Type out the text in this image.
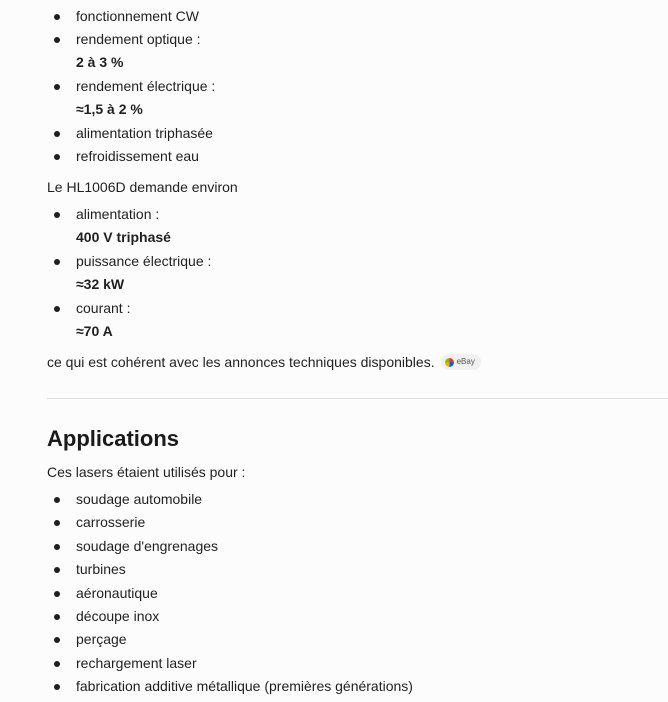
fonctionnement CW
rendement optique :
2 à 3 %
rendement électrique :
≈1,5 à 2 %
alimentation triphasée
refroidissement eau

Le HL1006D demande environ

alimentation :
400 V triphasé
puissance électrique :
≈32 kW
courant :
≈70 A

ce qui est cohérent avec les annonces techniques disponibles.	eBay

Applications

Ces lasers étaient utilisés pour :

soudage automobile
carrosserie
soudage d'engrenages
turbines
aéronautique
découpe inox
perçage
rechargement laser
fabrication additive métallique (premières générations)
